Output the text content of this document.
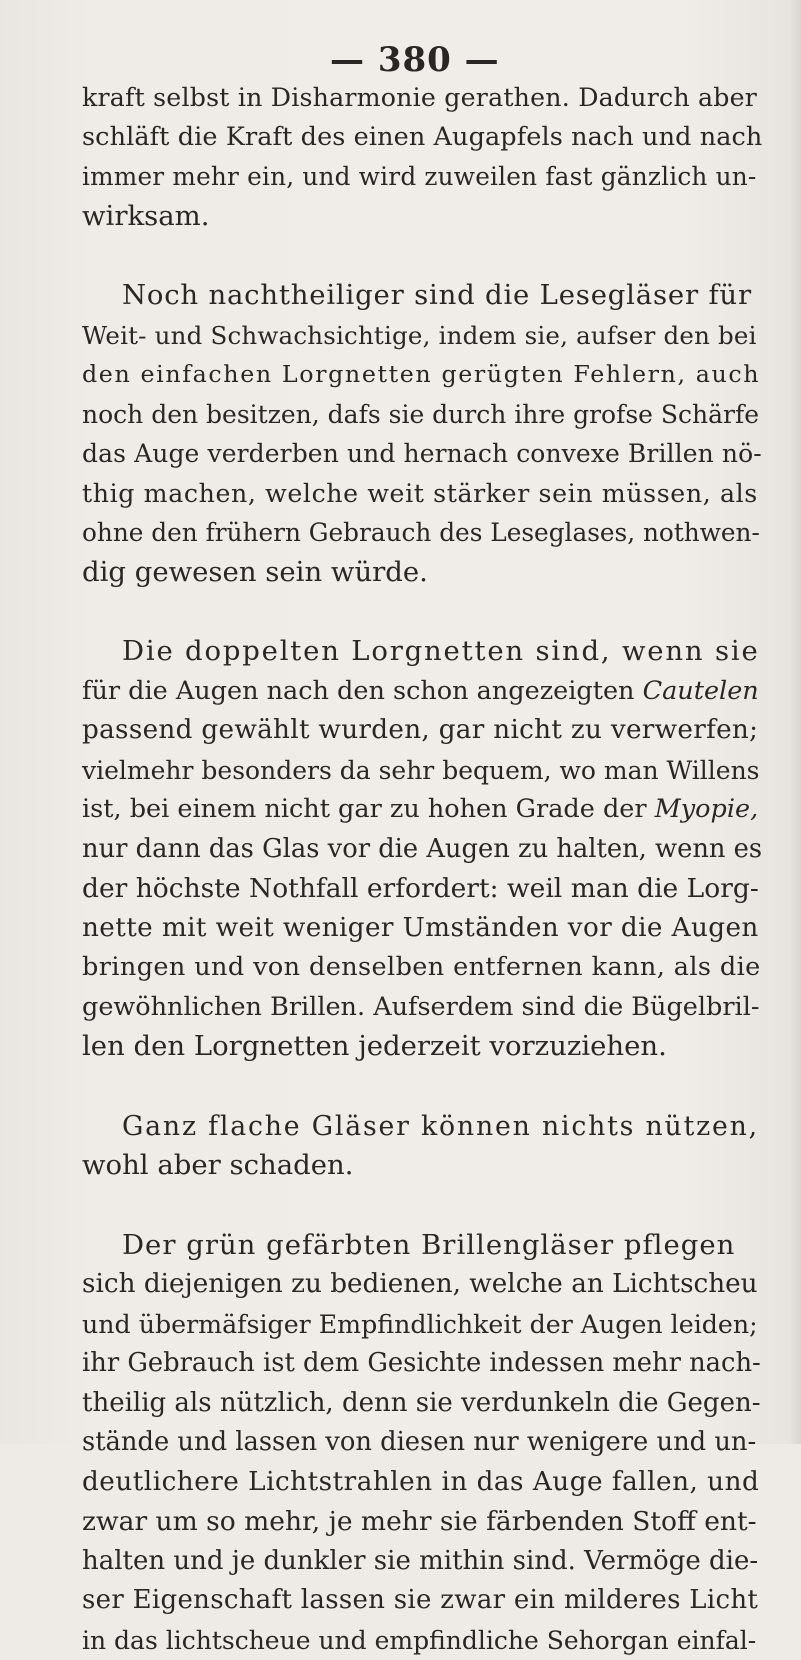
— 380 —
kraft selbst in Disharmonie gerathen. Dadurch aber
schläft die Kraft des einen Augapfels nach und nach
immer mehr ein, und wird zuweilen fast gänzlich un-
wirksam.
Noch nachtheiliger sind die Lesegläser für
Weit- und Schwachsichtige, indem sie, aufser den bei
den einfachen Lorgnetten gerügten Fehlern, auch
noch den besitzen, dafs sie durch ihre grofse Schärfe
das Auge verderben und hernach convexe Brillen nö-
thig machen, welche weit stärker sein müssen, als
ohne den frühern Gebrauch des Leseglases, nothwen-
dig gewesen sein würde.
Die doppelten Lorgnetten sind, wenn sie
für die Augen nach den schon angezeigten Cautelen
passend gewählt wurden, gar nicht zu verwerfen;
vielmehr besonders da sehr bequem, wo man Willens
ist, bei einem nicht gar zu hohen Grade der Myopie,
nur dann das Glas vor die Augen zu halten, wenn es
der höchste Nothfall erfordert: weil man die Lorg-
nette mit weit weniger Umständen vor die Augen
bringen und von denselben entfernen kann, als die
gewöhnlichen Brillen. Aufserdem sind die Bügelbril-
len den Lorgnetten jederzeit vorzuziehen.
Ganz flache Gläser können nichts nützen,
wohl aber schaden.
Der grün gefärbten Brillengläser pflegen
sich diejenigen zu bedienen, welche an Lichtscheu
und übermäfsiger Empfindlichkeit der Augen leiden;
ihr Gebrauch ist dem Gesichte indessen mehr nach-
theilig als nützlich, denn sie verdunkeln die Gegen-
stände und lassen von diesen nur wenigere und un-
deutlichere Lichtstrahlen in das Auge fallen, und
zwar um so mehr, je mehr sie färbenden Stoff ent-
halten und je dunkler sie mithin sind. Vermöge die-
ser Eigenschaft lassen sie zwar ein milderes Licht
in das lichtscheue und empfindliche Sehorgan einfal-
